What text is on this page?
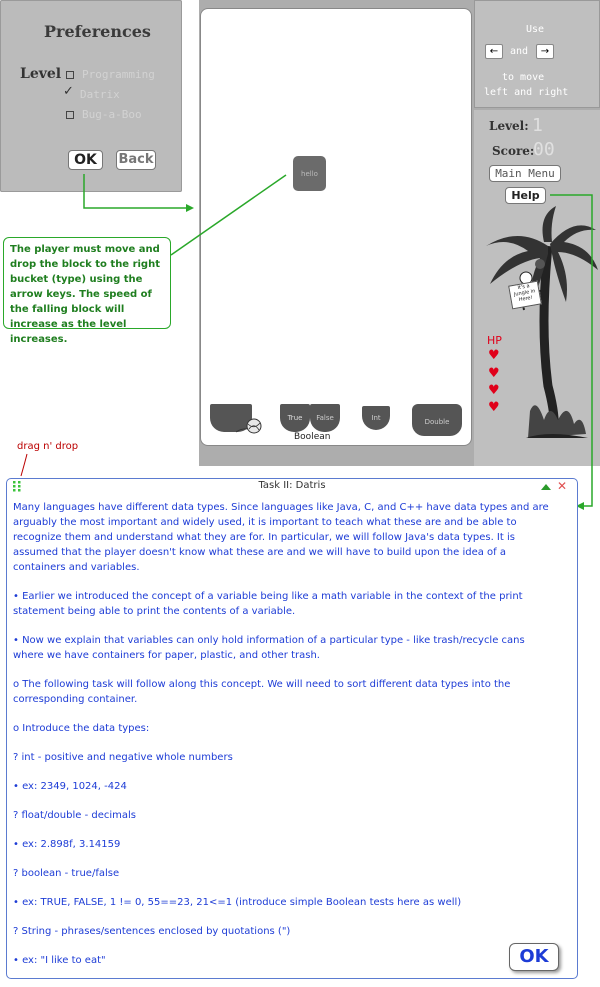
Preferences
Level	Programming
✓ Datrix
Bug-a-Boo
OK	Back
hello
True	False
Boolean
Int	Double
Use
←	and	→
to move
left and right
Level: 1
Score:
00
Main Menu
Help
It's a Jungle in Here!
HP
♥
♥
♥
♥
The player must move and drop the block to the right bucket (type) using the arrow keys. The speed of the falling block will increase as the level increases.
drag n' drop
Task II: Datris	✕

Many languages have different data types. Since languages like Java, C, and C++ have data types and are arguably the most important and widely used, it is important to teach what these are and be able to recognize them and understand what they are for. In particular, we will follow Java's data types. It is assumed that the player doesn't know what these are and we will have to build upon the idea of a containers and variables.

• Earlier we introduced the concept of a variable being like a math variable in the context of the print statement being able to print the contents of a variable.

• Now we explain that variables can only hold information of a particular type - like trash/recycle cans where we have containers for paper, plastic, and other trash.

o The following task will follow along this concept. We will need to sort different data types into the corresponding container.

o Introduce the data types:

? int - positive and negative whole numbers

• ex: 2349, 1024, -424

? float/double - decimals

• ex: 2.898f, 3.14159

? boolean - true/false

• ex: TRUE, FALSE, 1 != 0, 55==23, 21<=1 (introduce simple Boolean tests here as well)

? String - phrases/sentences enclosed by quotations (")

• ex: "I like to eat"	OK
